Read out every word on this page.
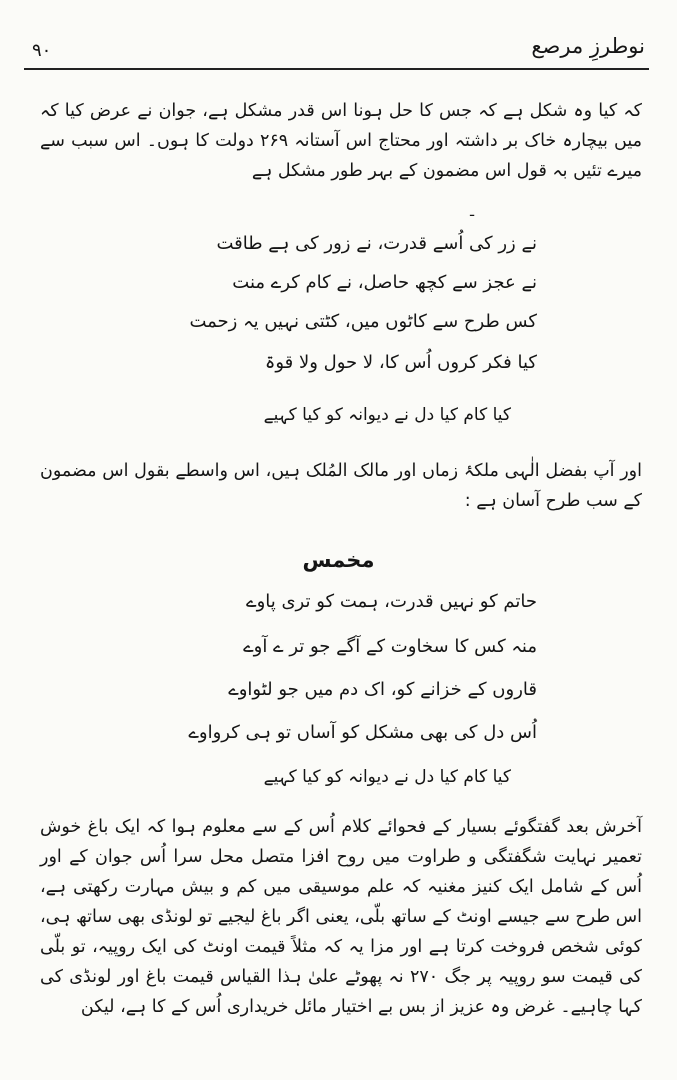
۹۰	نوطرزِ مرصع
کہ کیا وہ شکل ہے کہ جس کا حل ہونا اس قدر مشکل ہے، جوان نے عرض کیا کہ میں بیچارہ خاک بر داشتہ اور محتاج اس آستانہ ۲۶۹ دولت کا ہوں۔ اس سبب سے میرے تئیں بہ قول اس مضمون کے بہر طور مشکل ہے
ـ
نے زر کی اُسے قدرت، نے زور کی ہے طاقت
نے عجز سے کچھ حاصل، نے کام کرے منت
کس طرح سے کاٹوں میں، کٹتی نہیں یہ زحمت
کیا فکر کروں اُس کا، لا حول ولا قوۃ
کیا کام کیا دل نے دیوانہ کو کیا کہیے
اور آپ بفضل الٰہی ملکۂ زماں اور مالک المُلک ہیں، اس واسطے بقول اس مضمون کے سب طرح آسان ہے :
مخمس
حاتم کو نہیں قدرت، ہمت کو تری پاوے
منہ کس کا سخاوت کے آگے جو تر ے آوے
قاروں کے خزانے کو، اک دم میں جو لٹواوے
اُس دل کی بھی مشکل کو آساں تو ہی کرواوے
کیا کام کیا دل نے دیوانہ کو کیا کہیے
آخرش بعد گفتگوئے بسیار کے فحوائے کلام اُس کے سے معلوم ہوا کہ ایک باغ خوش تعمیر نہایت شگفتگی و طراوت میں روح افزا متصل محل سرا اُس جوان کے اور اُس کے شامل ایک کنیز مغنیہ کہ علم موسیقی میں کم و بیش مہارت رکھتی ہے، اس طرح سے جیسے اونٹ کے ساتھ بلّی، یعنی اگر باغ لیجیے تو لونڈی بھی ساتھ ہی، کوئی شخص فروخت کرتا ہے اور مزا یہ کہ مثلاً قیمت اونٹ کی ایک روپیہ، تو بلّی کی قیمت سو روپیہ پر جگ ۲۷۰ نہ پھوٹے علیٰ ہذا القیاس قیمت باغ اور لونڈی کی کہا چاہیے۔ غرض وہ عزیز از بس بے اختیار مائل خریداری اُس کے کا ہے، لیکن
